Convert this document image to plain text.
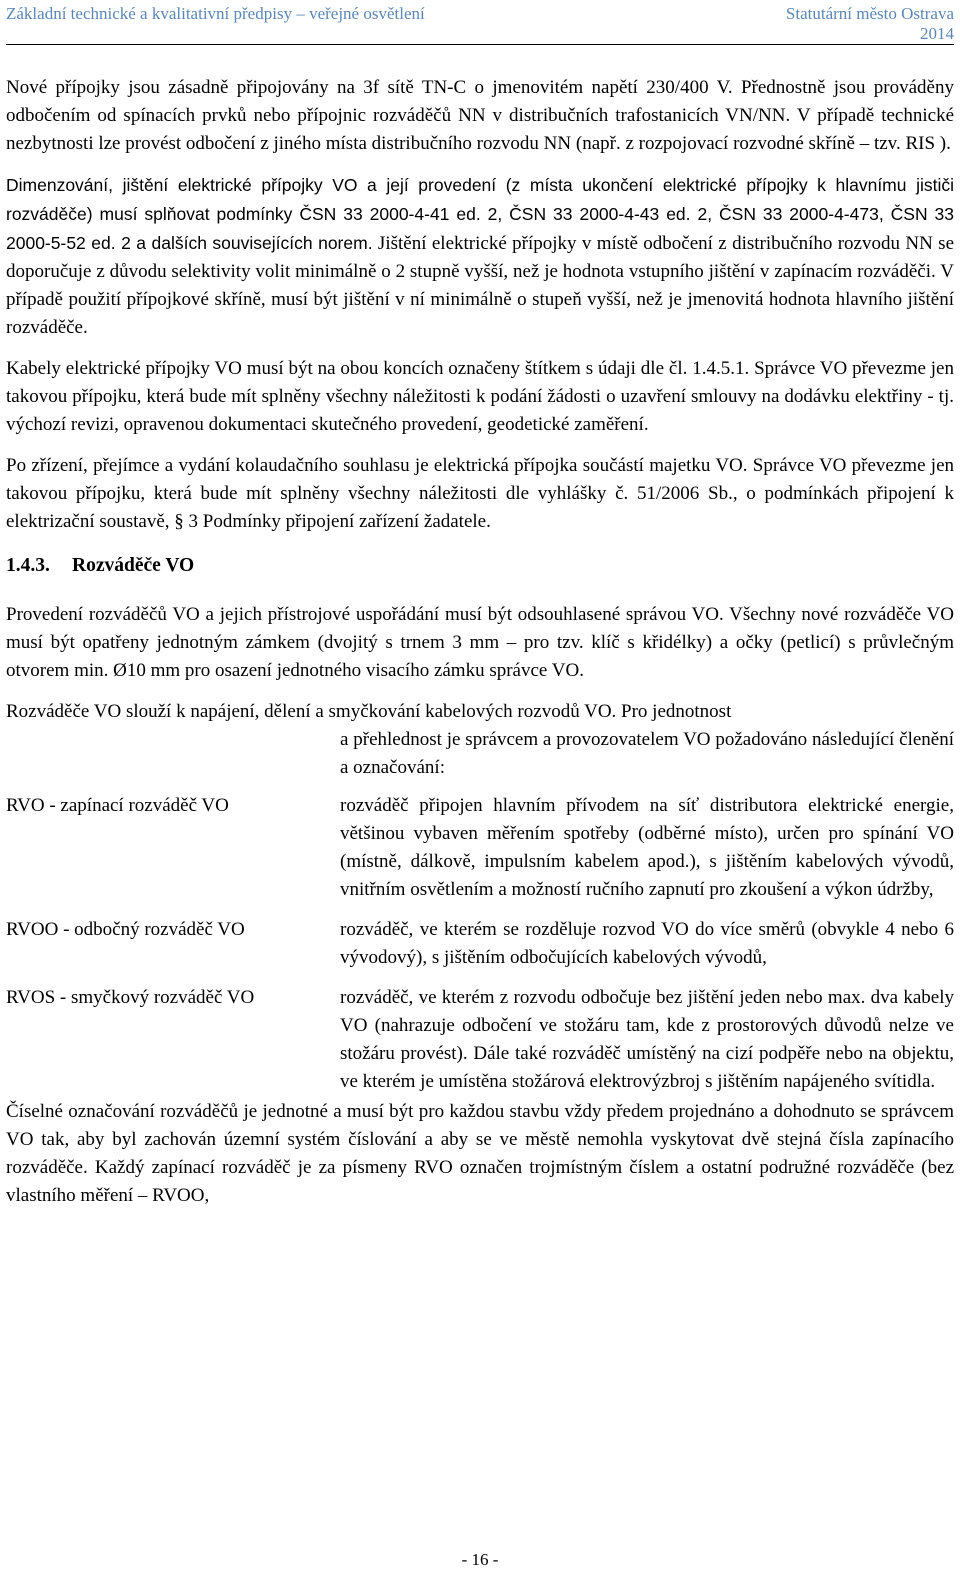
Základní technické a kvalitativní předpisy – veřejné osvětlení	Statutární město Ostrava
2014

Nové přípojky jsou zásadně připojovány na 3f sítě TN-C o jmenovitém napětí 230/400 V. Přednostně jsou prováděny odbočením od spínacích prvků nebo přípojnic rozváděčů NN v distribučních trafostanicích VN/NN. V případě technické nezbytnosti lze provést odbočení z jiného místa distribučního rozvodu NN (např. z rozpojovací rozvodné skříně – tzv. RIS ).

Dimenzování, jištění elektrické přípojky VO a její provedení (z místa ukončení elektrické přípojky k hlavnímu jističi rozváděče) musí splňovat podmínky ČSN 33 2000-4-41 ed. 2, ČSN 33 2000-4-43 ed. 2, ČSN 33 2000-4-473, ČSN 33 2000-5-52 ed. 2 a dalších souvisejících norem. Jištění elektrické přípojky v místě odbočení z distribučního rozvodu NN se doporučuje z důvodu selektivity volit minimálně o 2 stupně vyšší, než je hodnota vstupního jištění v zapínacím rozváděči. V případě použití přípojkové skříně, musí být jištění v ní minimálně o stupeň vyšší, než je jmenovitá hodnota hlavního jištění rozváděče.

Kabely elektrické přípojky VO musí být na obou koncích označeny štítkem s údaji dle čl. 1.4.5.1. Správce VO převezme jen takovou přípojku, která bude mít splněny všechny náležitosti k podání žádosti o uzavření smlouvy na dodávku elektřiny - tj. výchozí revizi, opravenou dokumentaci skutečného provedení, geodetické zaměření.

Po zřízení, přejímce a vydání kolaudačního souhlasu je elektrická přípojka součástí majetku VO. Správce VO převezme jen takovou přípojku, která bude mít splněny všechny náležitosti dle vyhlášky č. 51/2006 Sb., o podmínkách připojení k elektrizační soustavě, § 3 Podmínky připojení zařízení žadatele.

1.4.3. Rozváděče VO

Provedení rozváděčů VO a jejich přístrojové uspořádání musí být odsouhlasené správou VO. Všechny nové rozváděče VO musí být opatřeny jednotným zámkem (dvojitý s trnem 3 mm – pro tzv. klíč s křidélky) a očky (petlicí) s průvlečným otvorem min. Ø10 mm pro osazení jednotného visacího zámku správce VO.

Rozváděče VO slouží k napájení, dělení a smyčkování kabelových rozvodů VO. Pro jednotnost
a přehlednost je správcem a provozovatelem VO požadováno následující členění a označování:
RVO - zapínací rozváděč VO	rozváděč připojen hlavním přívodem na síť distributora elektrické energie, většinou vybaven měřením spotřeby (odběrné místo), určen pro spínání VO (místně, dálkově, impulsním kabelem apod.), s jištěním kabelových vývodů, vnitřním osvětlením a možností ručního zapnutí pro zkoušení a výkon údržby,
RVOO - odbočný rozváděč VO	rozváděč, ve kterém se rozděluje rozvod VO do více směrů (obvykle 4 nebo 6 vývodový), s jištěním odbočujících kabelových vývodů,
RVOS - smyčkový rozváděč VO	rozváděč, ve kterém z rozvodu odbočuje bez jištění jeden nebo max. dva kabely VO (nahrazuje odbočení ve stožáru tam, kde z prostorových důvodů nelze ve stožáru provést). Dále také rozváděč umístěný na cizí podpěře nebo na objektu, ve kterém je umístěna stožárová elektrovýzbroj s jištěním napájeného svítidla.

Číselné označování rozváděčů je jednotné a musí být pro každou stavbu vždy předem projednáno a dohodnuto se správcem VO tak, aby byl zachován územní systém číslování a aby se ve městě nemohla vyskytovat dvě stejná čísla zapínacího rozváděče. Každý zapínací rozváděč je za písmeny RVO označen trojmístným číslem a ostatní podružné rozváděče (bez vlastního měření – RVOO,

- 16 -
